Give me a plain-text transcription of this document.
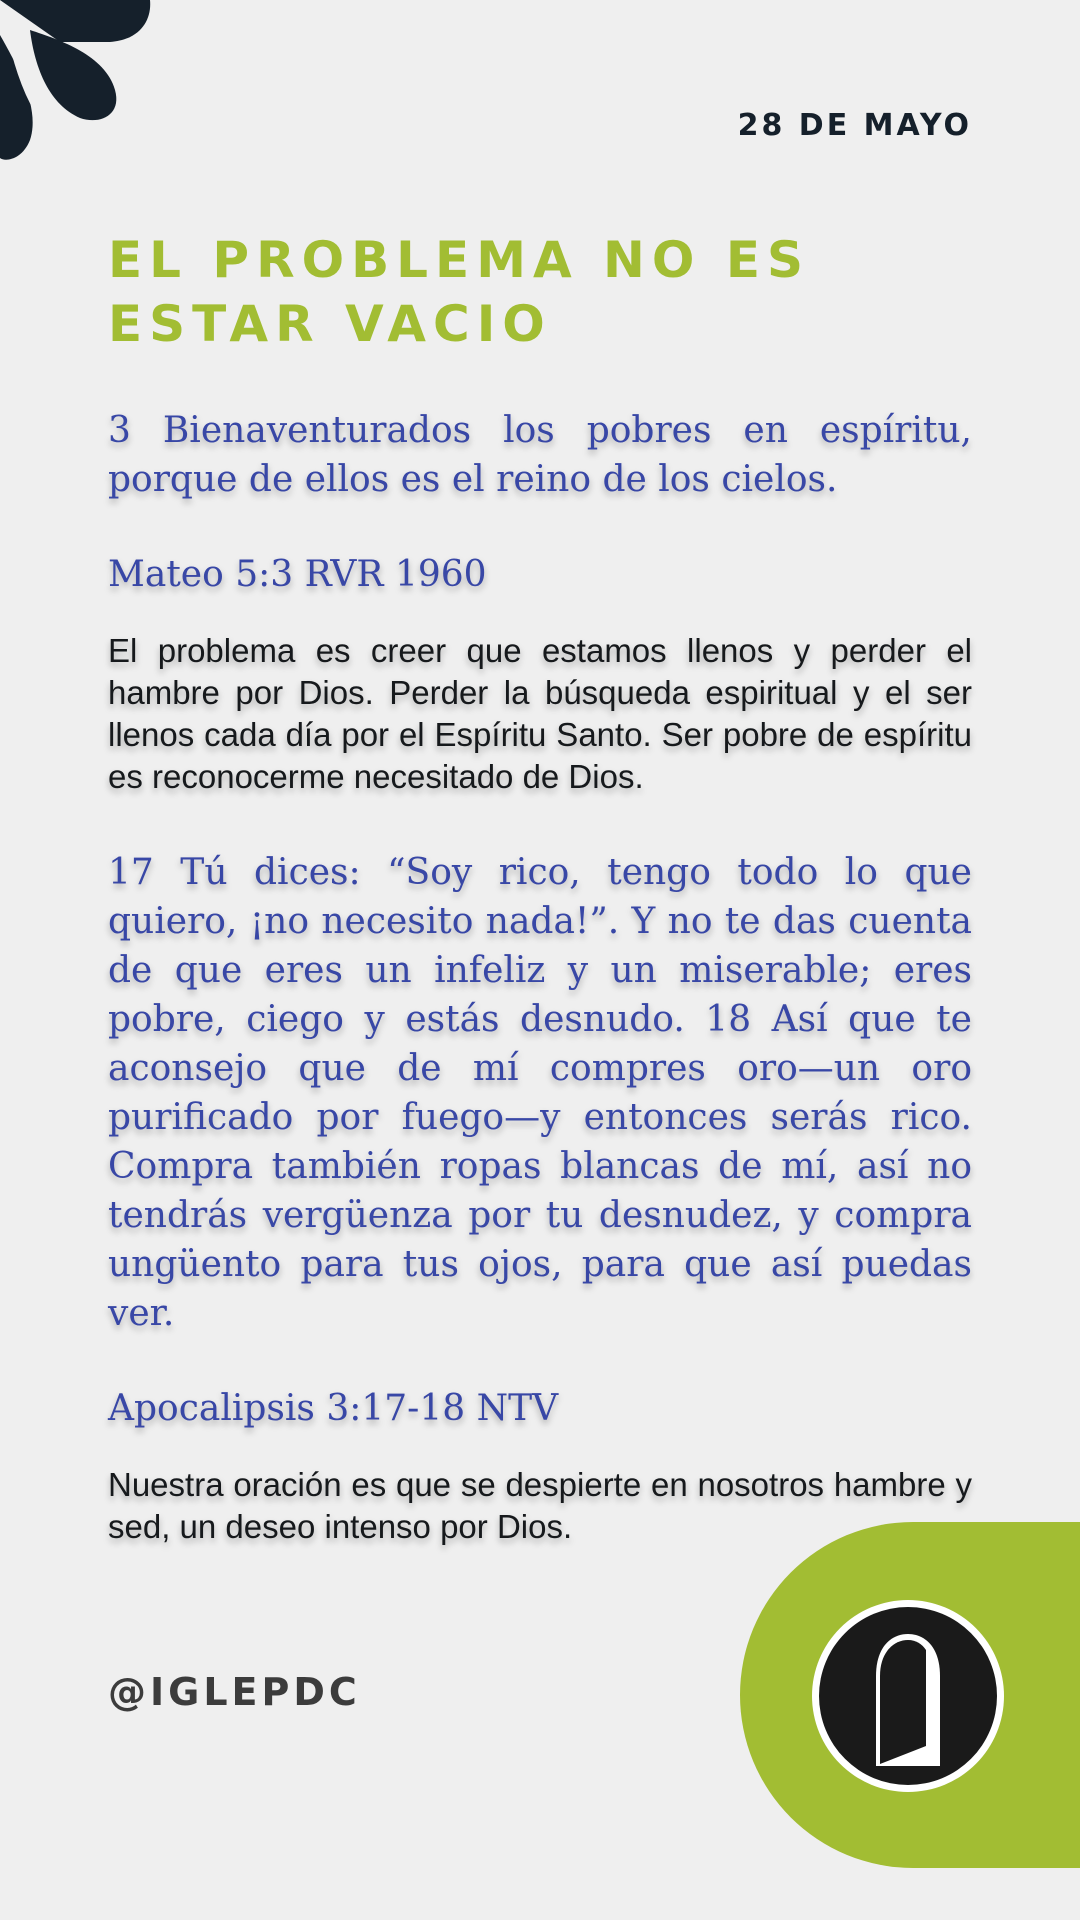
28 DE MAYO

EL PROBLEMA NO ES ESTAR VACIO

3 Bienaventurados los pobres en espíritu, porque de ellos es el reino de los cielos.

Mateo 5:3 RVR 1960

El problema es creer que estamos llenos y perder el hambre por Dios. Perder la búsqueda espiritual y el ser llenos cada día por el Espíritu Santo. Ser pobre de espíritu es reconocerme necesitado de Dios.

17 Tú dices: “Soy rico, tengo todo lo que quiero, ¡no necesito nada!”. Y no te das cuenta de que eres un infeliz y un miserable; eres pobre, ciego y estás desnudo. 18 Así que te aconsejo que de mí compres oro—un oro purificado por fuego—y entonces serás rico. Compra también ropas blancas de mí, así no tendrás vergüenza por tu desnudez, y compra ungüento para tus ojos, para que así puedas ver.

Apocalipsis 3:17-18 NTV

Nuestra oración es que se despierte en nosotros hambre y sed, un deseo intenso por Dios.

@IGLEPDC
